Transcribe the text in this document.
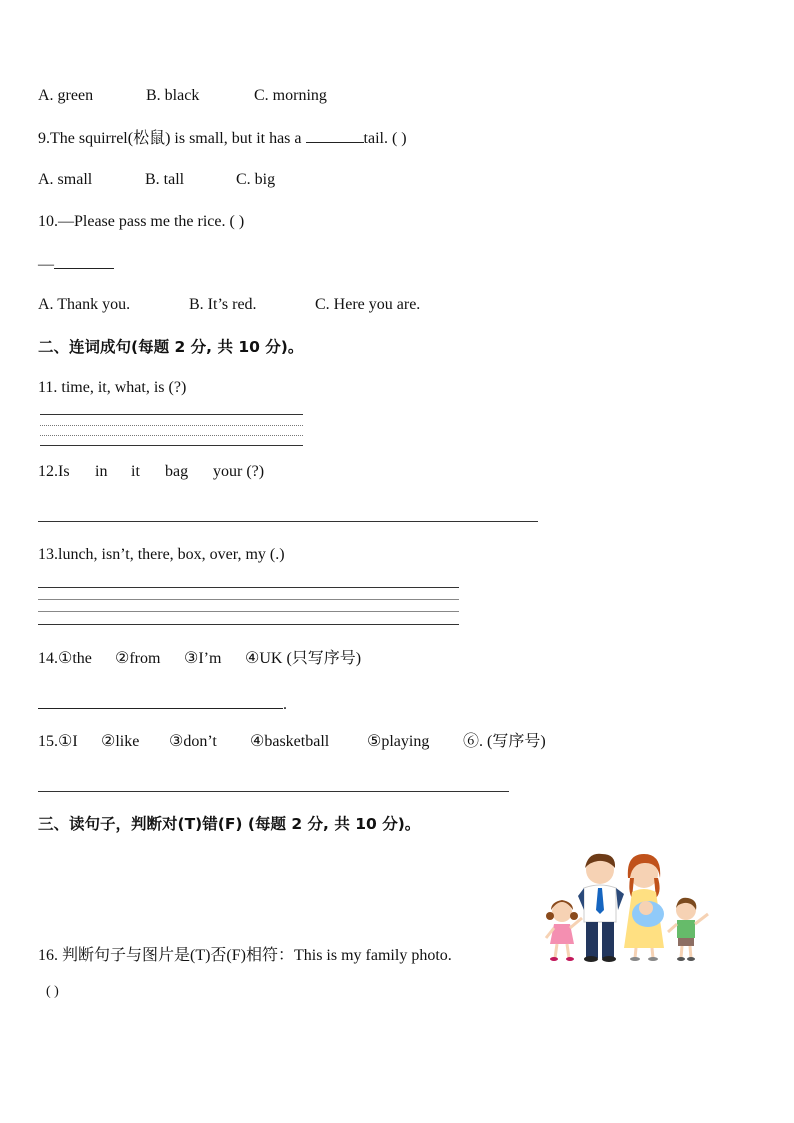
A. green	B. black	C. morning
9.The squirrel(松鼠) is small, but it has a	tail. ( )
A. small	B. tall	C. big
10.—Please pass me the rice. ( )
—
A. Thank you.	B. It’s red.	C. Here you are.
二、连词成句(每题 2 分, 共 10 分)。
11. time, it, what, is (?)
12.Is in it bag your (?)
13.lunch, isn’t, there, box, over, my (.)
14.①the ②from ③I’m ④UK (只写序号)
.
15.①I ②like ③don’t ④basketball ⑤playing ⑥. (写序号)
三、读句子，判断对(T)错(F) (每题 2 分, 共 10 分)。
16. 判断句子与图片是(T)否(F)相符：This is my family photo.
( )
